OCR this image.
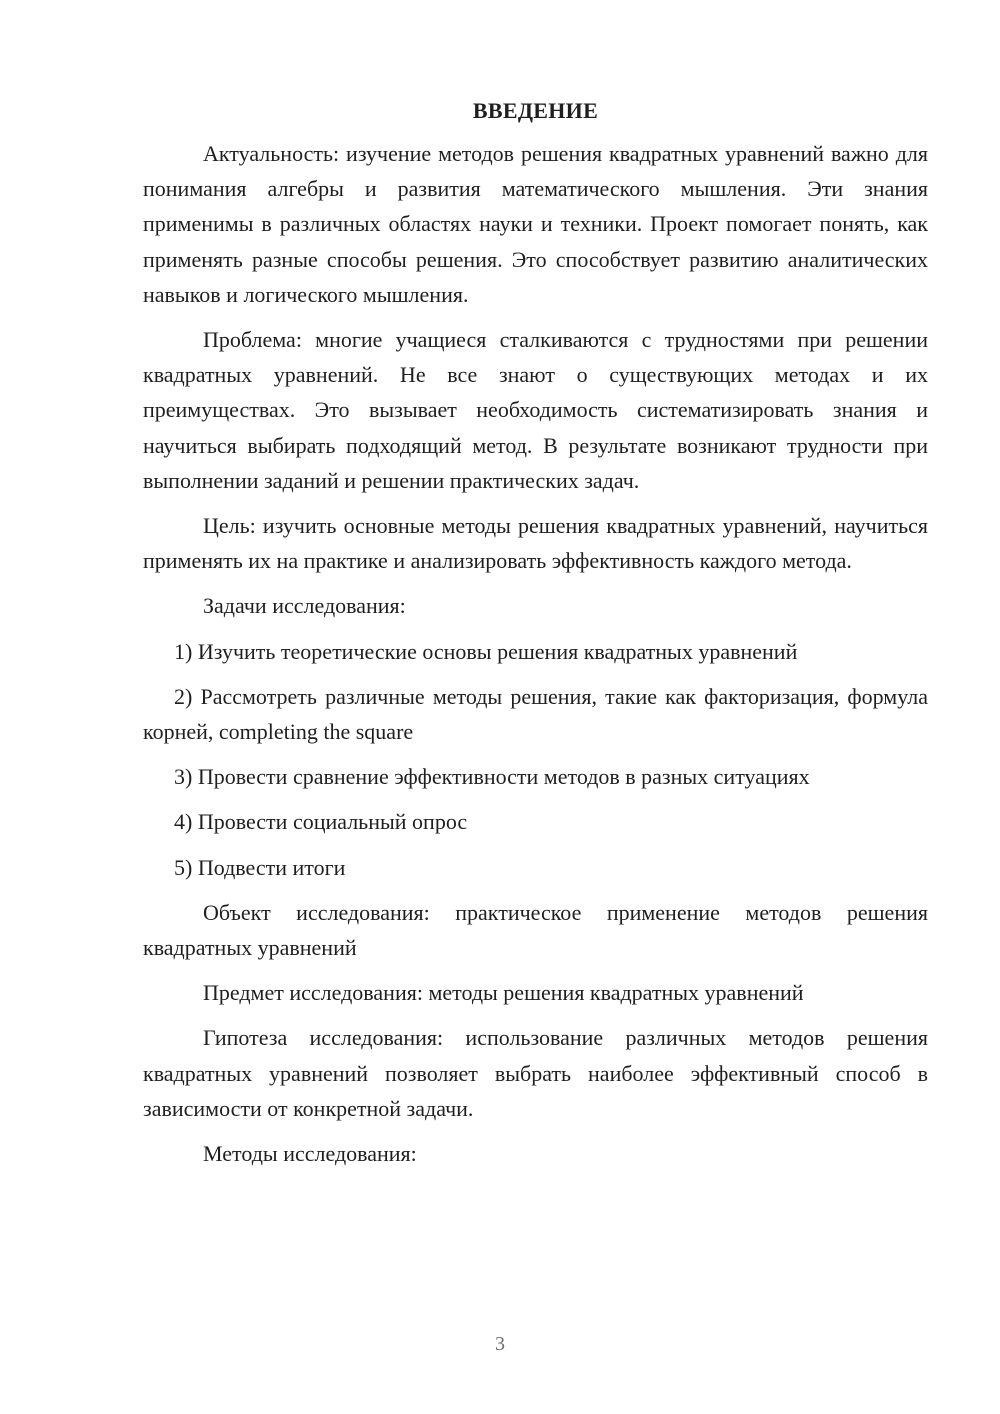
ВВЕДЕНИЕ

Актуальность: изучение методов решения квадратных уравнений важно для понимания алгебры и развития математического мышления. Эти знания применимы в различных областях науки и техники. Проект помогает понять, как применять разные способы решения. Это способствует развитию аналитических навыков и логического мышления.

Проблема: многие учащиеся сталкиваются с трудностями при решении квадратных уравнений. Не все знают о существующих методах и их преимуществах. Это вызывает необходимость систематизировать знания и научиться выбирать подходящий метод. В результате возникают трудности при выполнении заданий и решении практических задач.

Цель: изучить основные методы решения квадратных уравнений, научиться применять их на практике и анализировать эффективность каждого метода.

Задачи исследования:

1) Изучить теоретические основы решения квадратных уравнений

2) Рассмотреть различные методы решения, такие как факторизация, формула корней, completing the square

3) Провести сравнение эффективности методов в разных ситуациях

4) Провести социальный опрос

5) Подвести итоги

Объект исследования: практическое применение методов решения квадратных уравнений

Предмет исследования: методы решения квадратных уравнений

Гипотеза исследования: использование различных методов решения квадратных уравнений позволяет выбрать наиболее эффективный способ в зависимости от конкретной задачи.

Методы исследования:

3
